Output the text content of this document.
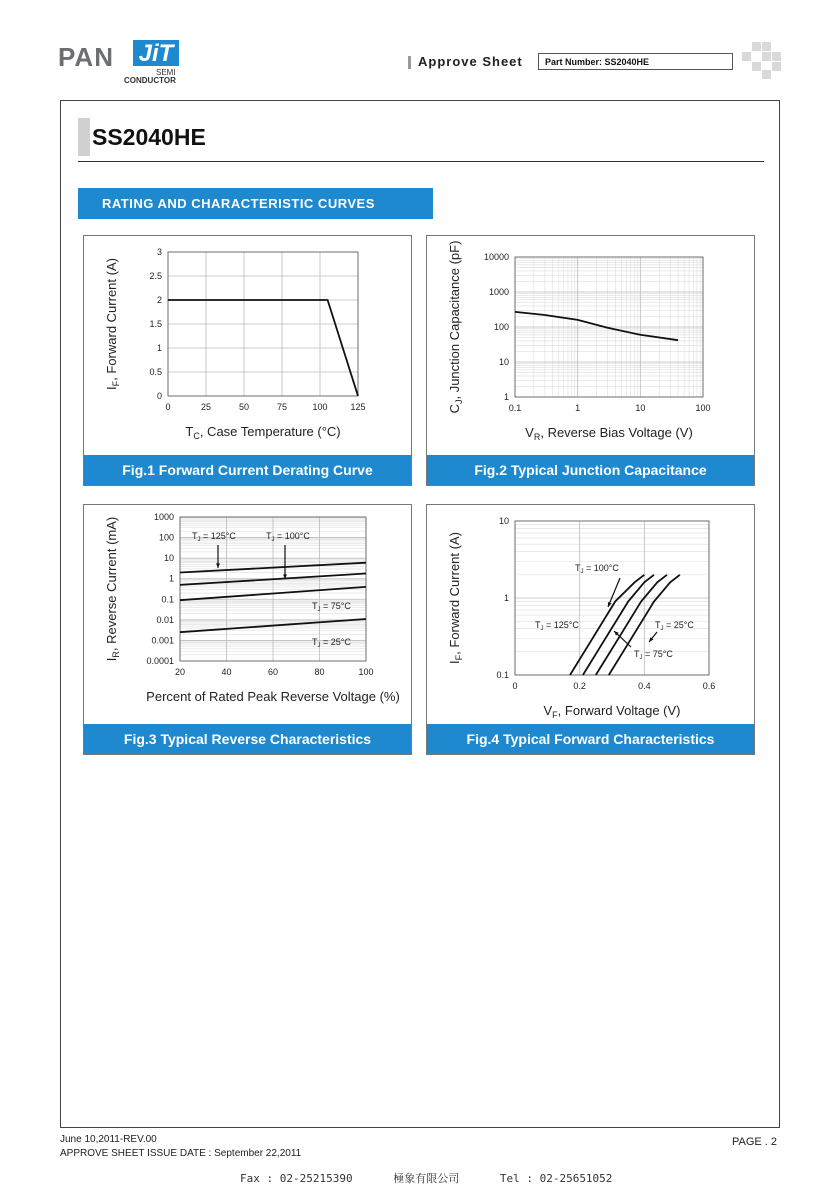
PAN JiT
SEMI
CONDUCTOR
Approve Sheet	Part Number: SS2040HE
SS2040HE
RATING AND CHARACTERISTIC CURVES
0	25	50	75	100	125
0
0.5
1
1.5
2
2.5
3
$I_F$, Forward Current (A)
$T_C$, Case Temperature (°C)
Fig.1 Forward Current Derating Curve
0.1	1	10	100
1
10
100
1000
10000
$C_J$, Junction Capacitance (pF)
$V_R$, Reverse Bias Voltage (V)
Fig.2 Typical Junction Capacitance
20	40	60	80	100
0.0001
0.001
0.01
0.1
1
10
100
1000
$I_R$, Reverse Current (mA)
Percent of Rated Peak Reverse Voltage (%)
$T_J = 125^\circ C$	$T_J = 100^\circ C$
$T_J = 75^\circ C$
$T_J = 25^\circ C$
Fig.3 Typical Reverse Characteristics
0	0.2	0.4	0.6
0.1
1
10
$I_F$, Forward Current (A)
$V_F$, Forward Voltage (V)
$T_J = 100^\circ C$
$T_J = 125^\circ C$	$T_J = 25^\circ C$
$T_J = 75^\circ C$
Fig.4 Typical Forward Characteristics
June 10,2011-REV.00
APPROVE SHEET ISSUE DATE : September 22,2011
PAGE . 2
Fax : 02-25215390	極象有限公司	Tel : 02-25651052
